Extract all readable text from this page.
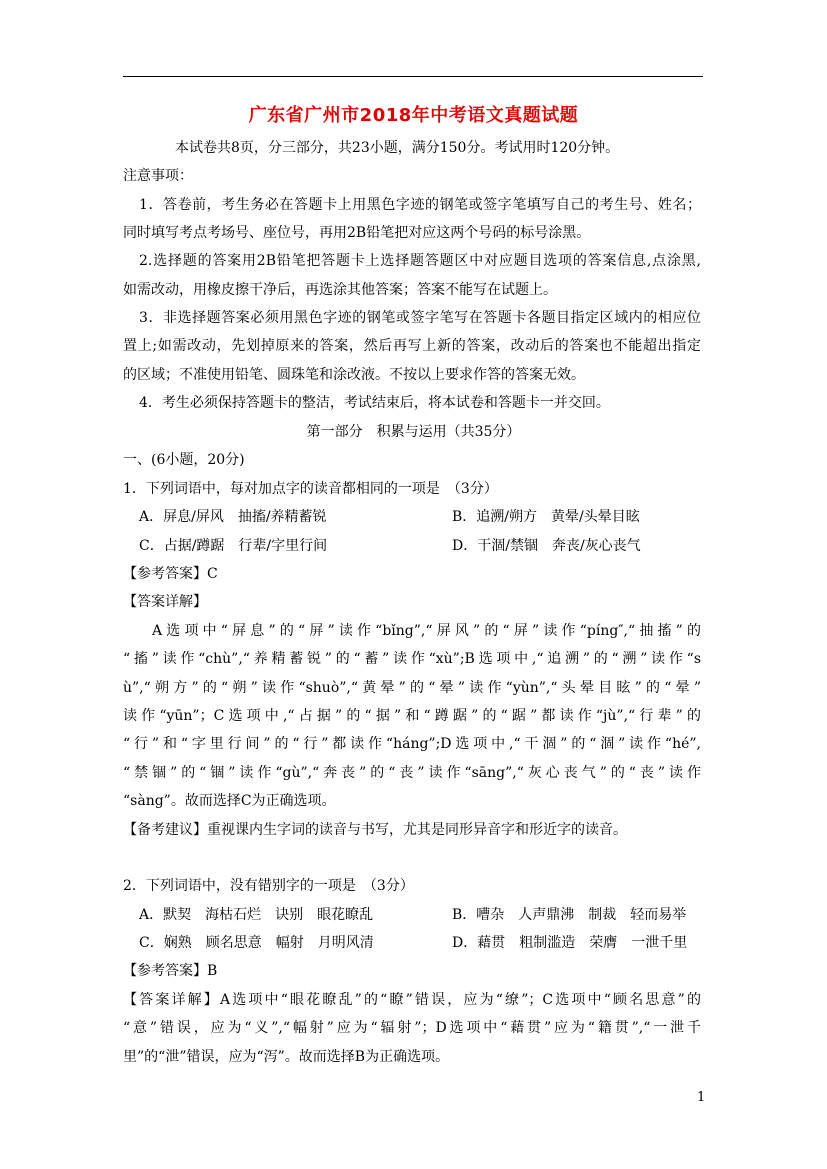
广东省广州市2018年中考语文真题试题
本试卷共8页，分三部分，共23小题，满分150分。考试用时120分钟。
注意事项：
1．答卷前，考生务必在答题卡上用黑色字迹的钢笔或签字笔填写自己的考生号、姓名；
同时填写考点考场号、座位号，再用2B铅笔把对应这两个号码的标号涂黑。
2.选择题的答案用2B铅笔把答题卡上选择题答题区中对应题目选项的答案信息,点涂黑,
如需改动，用橡皮擦干净后，再选涂其他答案；答案不能写在试题上。
3．非选择题答案必须用黑色字迹的钢笔或签字笔写在答题卡各题目指定区域内的相应位
置上;如需改动，先划掉原来的答案，然后再写上新的答案，改动后的答案也不能超出指定
的区域；不准使用铅笔、圆珠笔和涂改液。不按以上要求作答的答案无效。
4．考生必须保持答题卡的整洁，考试结束后，将本试卷和答题卡一并交回。
第一部分　积累与运用（共35分）
一、(6小题，20分)
1．下列词语中，每对加点字的读音都相同的一项是　（3分）
A．屏息/屏风　抽搐/养精蓄锐	B．追溯/朔方　黄晕/头晕目眩
C．占据/蹲踞　行辈/字里行间	D．干涸/禁锢　奔丧/灰心丧气
【参考答案】C
【答案详解】
A选项中“屏息”的“屏”读作“bǐng”,“屏风”的“屏”读作“píng″,“抽搐”的
“搐”读作“chù”,“养精蓄锐”的“蓄”读作“xù”;B选项中,“追溯”的“溯”读作“s
ù”,“朔方”的“朔”读作“shuò”,“黄晕”的“晕”读作“yùn”,“头晕目眩”的“晕”
读作“yūn”；C选项中,“占据”的“据”和“蹲踞”的“踞”都读作“jù”,“行辈”的
“行”和“字里行间”的“行”都读作“háng”;D选项中,“干涸”的“涸”读作“hé”,
“禁锢”的“锢”读作“gù”,“奔丧”的“丧”读作“sāng”,“灰心丧气”的“丧”读作
“sàng”。故而选择C为正确选项。
【备考建议】重视课内生字词的读音与书写，尤其是同形异音字和形近字的读音。
2．下列词语中，没有错别字的一项是　（3分）
A．默契　海枯石烂　诀别　眼花瞭乱	B．嘈杂　人声鼎沸　制裁　轻而易举
C．娴熟　顾名思意　幅射　月明风清	D．藉贯　粗制滥造　荣膺　一泄千里
【参考答案】B
【答案详解】A选项中“眼花瞭乱”的“瞭”错误，应为“缭”；C选项中“顾名思意”的
“意”错误，应为“义”,“幅射”应为“辐射”；D选项中“藉贯”应为“籍贯”,“一泄千
里”的“泄”错误，应为“泻”。故而选择B为正确选项。
1
